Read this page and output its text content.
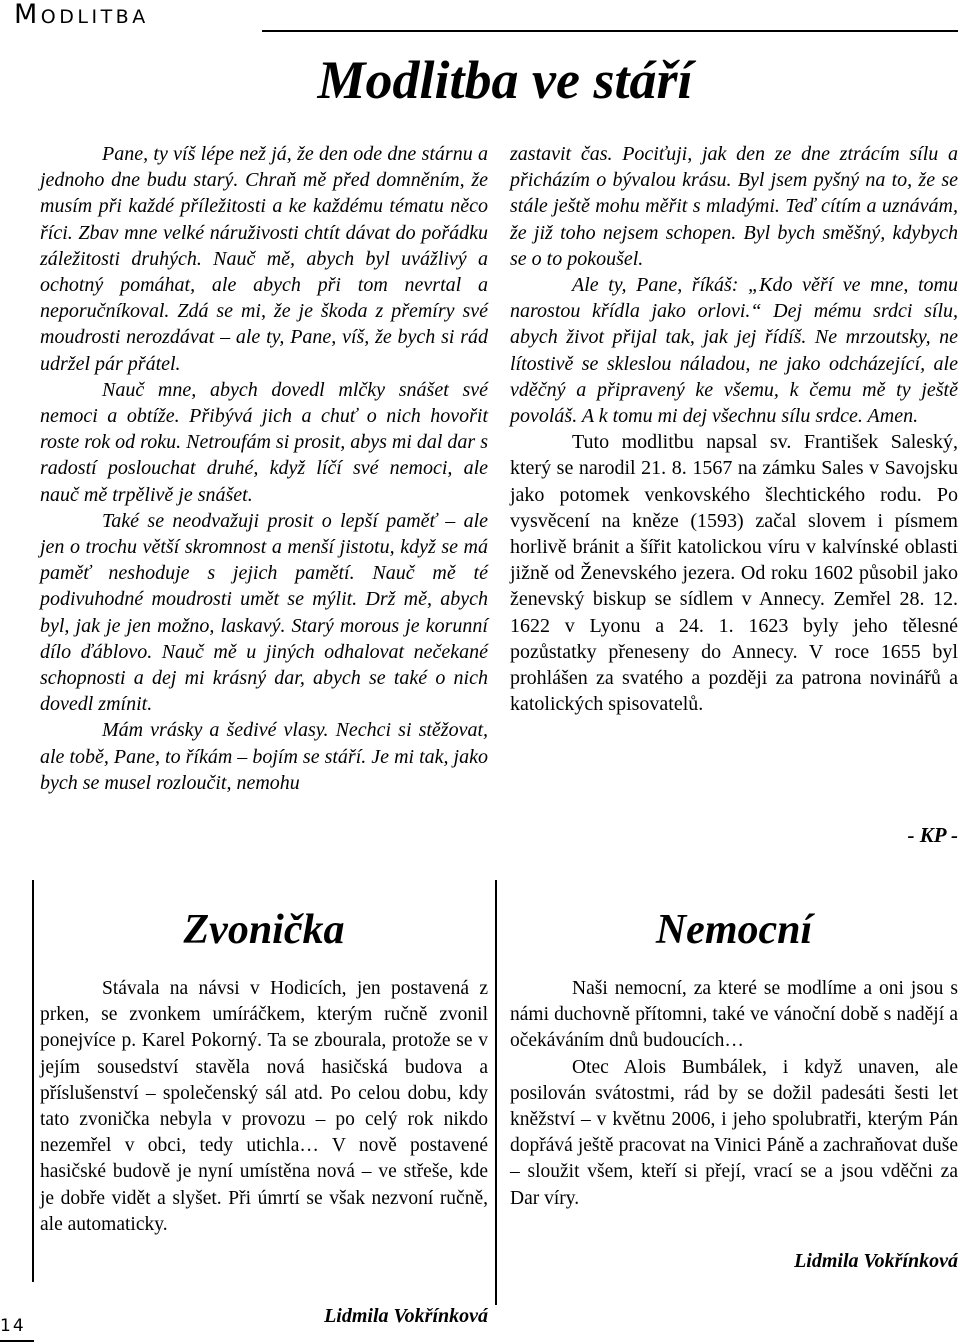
Modlitba
Modlitba ve stáří

Pane, ty víš lépe než já, že den ode dne stárnu a jednoho dne budu starý. Chraň mě před domněním, že musím při každé příležitosti a ke každému tématu něco říci. Zbav mne velké náruživosti chtít dávat do pořádku záležitosti druhých. Nauč mě, abych byl uvážlivý a ochotný pomáhat, ale abych při tom nevrtal a neporučníkoval. Zdá se mi, že je škoda z přemíry své moudrosti nerozdávat – ale ty, Pane, víš, že bych si rád udržel pár přátel.

Nauč mne, abych dovedl mlčky snášet své nemoci a obtíže. Přibývá jich a chuť o nich hovořit roste rok od roku. Netroufám si prosit, abys mi dal dar s radostí poslouchat druhé, když líčí své nemoci, ale nauč mě trpělivě je snášet.

Také se neodvažuji prosit o lepší paměť – ale jen o trochu větší skromnost a menší jistotu, když se má paměť neshoduje s jejich pamětí. Nauč mě té podivuhodné moudrosti umět se mýlit. Drž mě, abych byl, jak je jen možno, laskavý. Starý morous je korunní dílo ďáblovo. Nauč mě u jiných odhalovat nečekané schopnosti a dej mi krásný dar, abych se také o nich dovedl zmínit.

Mám vrásky a šedivé vlasy. Nechci si stěžovat, ale tobě, Pane, to říkám – bojím se stáří. Je mi tak, jako bych se musel rozloučit, nemohu

zastavit čas. Pociťuji, jak den ze dne ztrácím sílu a přicházím o bývalou krásu. Byl jsem pyšný na to, že se stále ještě mohu měřit s mladými. Teď cítím a uznávám, že již toho nejsem schopen. Byl bych směšný, kdybych se o to pokoušel.

Ale ty, Pane, říkáš: „Kdo věří ve mne, tomu narostou křídla jako orlovi.“ Dej mému srdci sílu, abych život přijal tak, jak jej řídíš. Ne mrzoutsky, ne lítostivě se skleslou náladou, ne jako odcházející, ale vděčný a připravený ke všemu, k čemu mě ty ještě povoláš. A k tomu mi dej všechnu sílu srdce. Amen.

Tuto modlitbu napsal sv. František Saleský, který se narodil 21. 8. 1567 na zámku Sales v Savojsku jako potomek venkovského šlechtického rodu. Po vysvěcení na kněze (1593) začal slovem i písmem horlivě bránit a šířit katolickou víru v kalvínské oblasti jižně od Ženevského jezera. Od roku 1602 působil jako ženevský biskup se sídlem v Annecy. Zemřel 28. 12. 1622 v Lyonu a 24. 1. 1623 byly jeho tělesné pozůstatky přeneseny do Annecy. V roce 1655 byl prohlášen za svatého a později za patrona novinářů a katolických spisovatelů.

- KP -
Zvonička

Stávala na návsi v Hodicích, jen postavená z prken, se zvonkem umíráčkem, kterým ručně zvonil ponejvíce p. Karel Pokorný. Ta se zbourala, protože se v jejím sousedství stavěla nová hasičská budova a příslušenství – společenský sál atd. Po celou dobu, kdy tato zvonička nebyla v provozu – po celý rok nikdo nezemřel v obci, tedy utichla… V nově postavené hasičské budově je nyní umístěna nová – ve střeše, kde je dobře vidět a slyšet. Při úmrtí se však nezvoní ručně, ale automaticky.

Lidmila Vokřínková
Nemocní

Naši nemocní, za které se modlíme a oni jsou s námi duchovně přítomni, také ve vánoční době s nadějí a očekáváním dnů budoucích…

Otec Alois Bumbálek, i když unaven, ale posilován svátostmi, rád by se dožil padesáti šesti let kněžství – v květnu 2006, i jeho spolubratři, kterým Pán dopřává ještě pracovat na Vinici Páně a zachraňovat duše – sloužit všem, kteří si přejí, vrací se a jsou vděčni za Dar víry.

Lidmila Vokřínková
14
